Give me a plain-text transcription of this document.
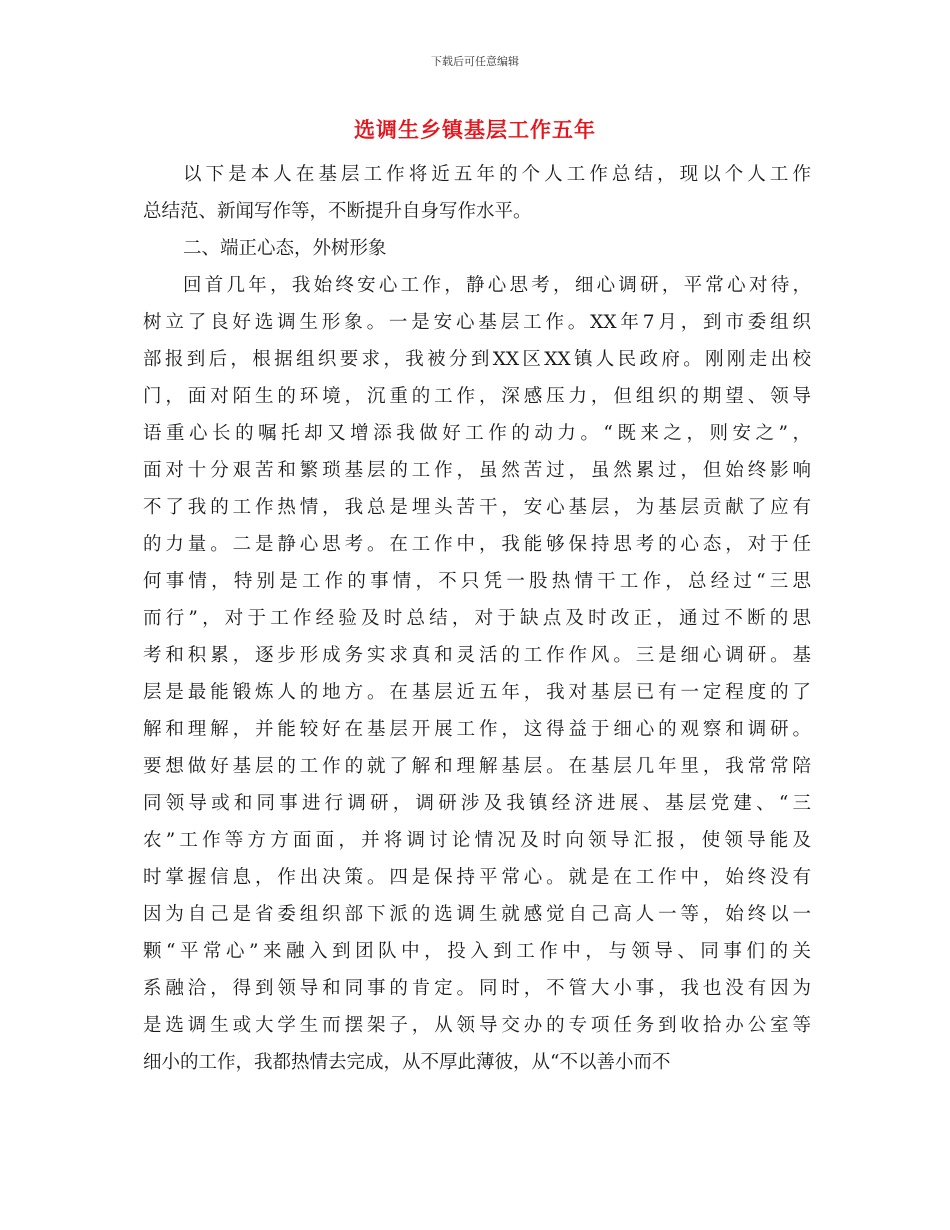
下载后可任意编辑
选调生乡镇基层工作五年
以下是本人在基层工作将近五年的个人工作总结，现以个人工作
总结范、新闻写作等，不断提升自身写作水平。
二、端正心态，外树形象
回首几年，我始终安心工作，静心思考，细心调研，平常心对待，
树立了良好选调生形象。一是安心基层工作。XX年7月，到市委组织
部报到后，根据组织要求，我被分到XX区XX镇人民政府。刚刚走出校
门，面对陌生的环境，沉重的工作，深感压力，但组织的期望、领导
语重心长的嘱托却又增添我做好工作的动力。“既来之，则安之”，
面对十分艰苦和繁琐基层的工作，虽然苦过，虽然累过，但始终影响
不了我的工作热情，我总是埋头苦干，安心基层，为基层贡献了应有
的力量。二是静心思考。在工作中，我能够保持思考的心态，对于任
何事情，特别是工作的事情，不只凭一股热情干工作，总经过“三思
而行”，对于工作经验及时总结，对于缺点及时改正，通过不断的思
考和积累，逐步形成务实求真和灵活的工作作风。三是细心调研。基
层是最能锻炼人的地方。在基层近五年，我对基层已有一定程度的了
解和理解，并能较好在基层开展工作，这得益于细心的观察和调研。
要想做好基层的工作的就了解和理解基层。在基层几年里，我常常陪
同领导或和同事进行调研，调研涉及我镇经济进展、基层党建、“三
农”工作等方方面面，并将调讨论情况及时向领导汇报，使领导能及
时掌握信息，作出决策。四是保持平常心。就是在工作中，始终没有
因为自己是省委组织部下派的选调生就感觉自己高人一等，始终以一
颗“平常心”来融入到团队中，投入到工作中，与领导、同事们的关
系融洽，得到领导和同事的肯定。同时，不管大小事，我也没有因为
是选调生或大学生而摆架子，从领导交办的专项任务到收拾办公室等
细小的工作，我都热情去完成，从不厚此薄彼，从“不以善小而不
